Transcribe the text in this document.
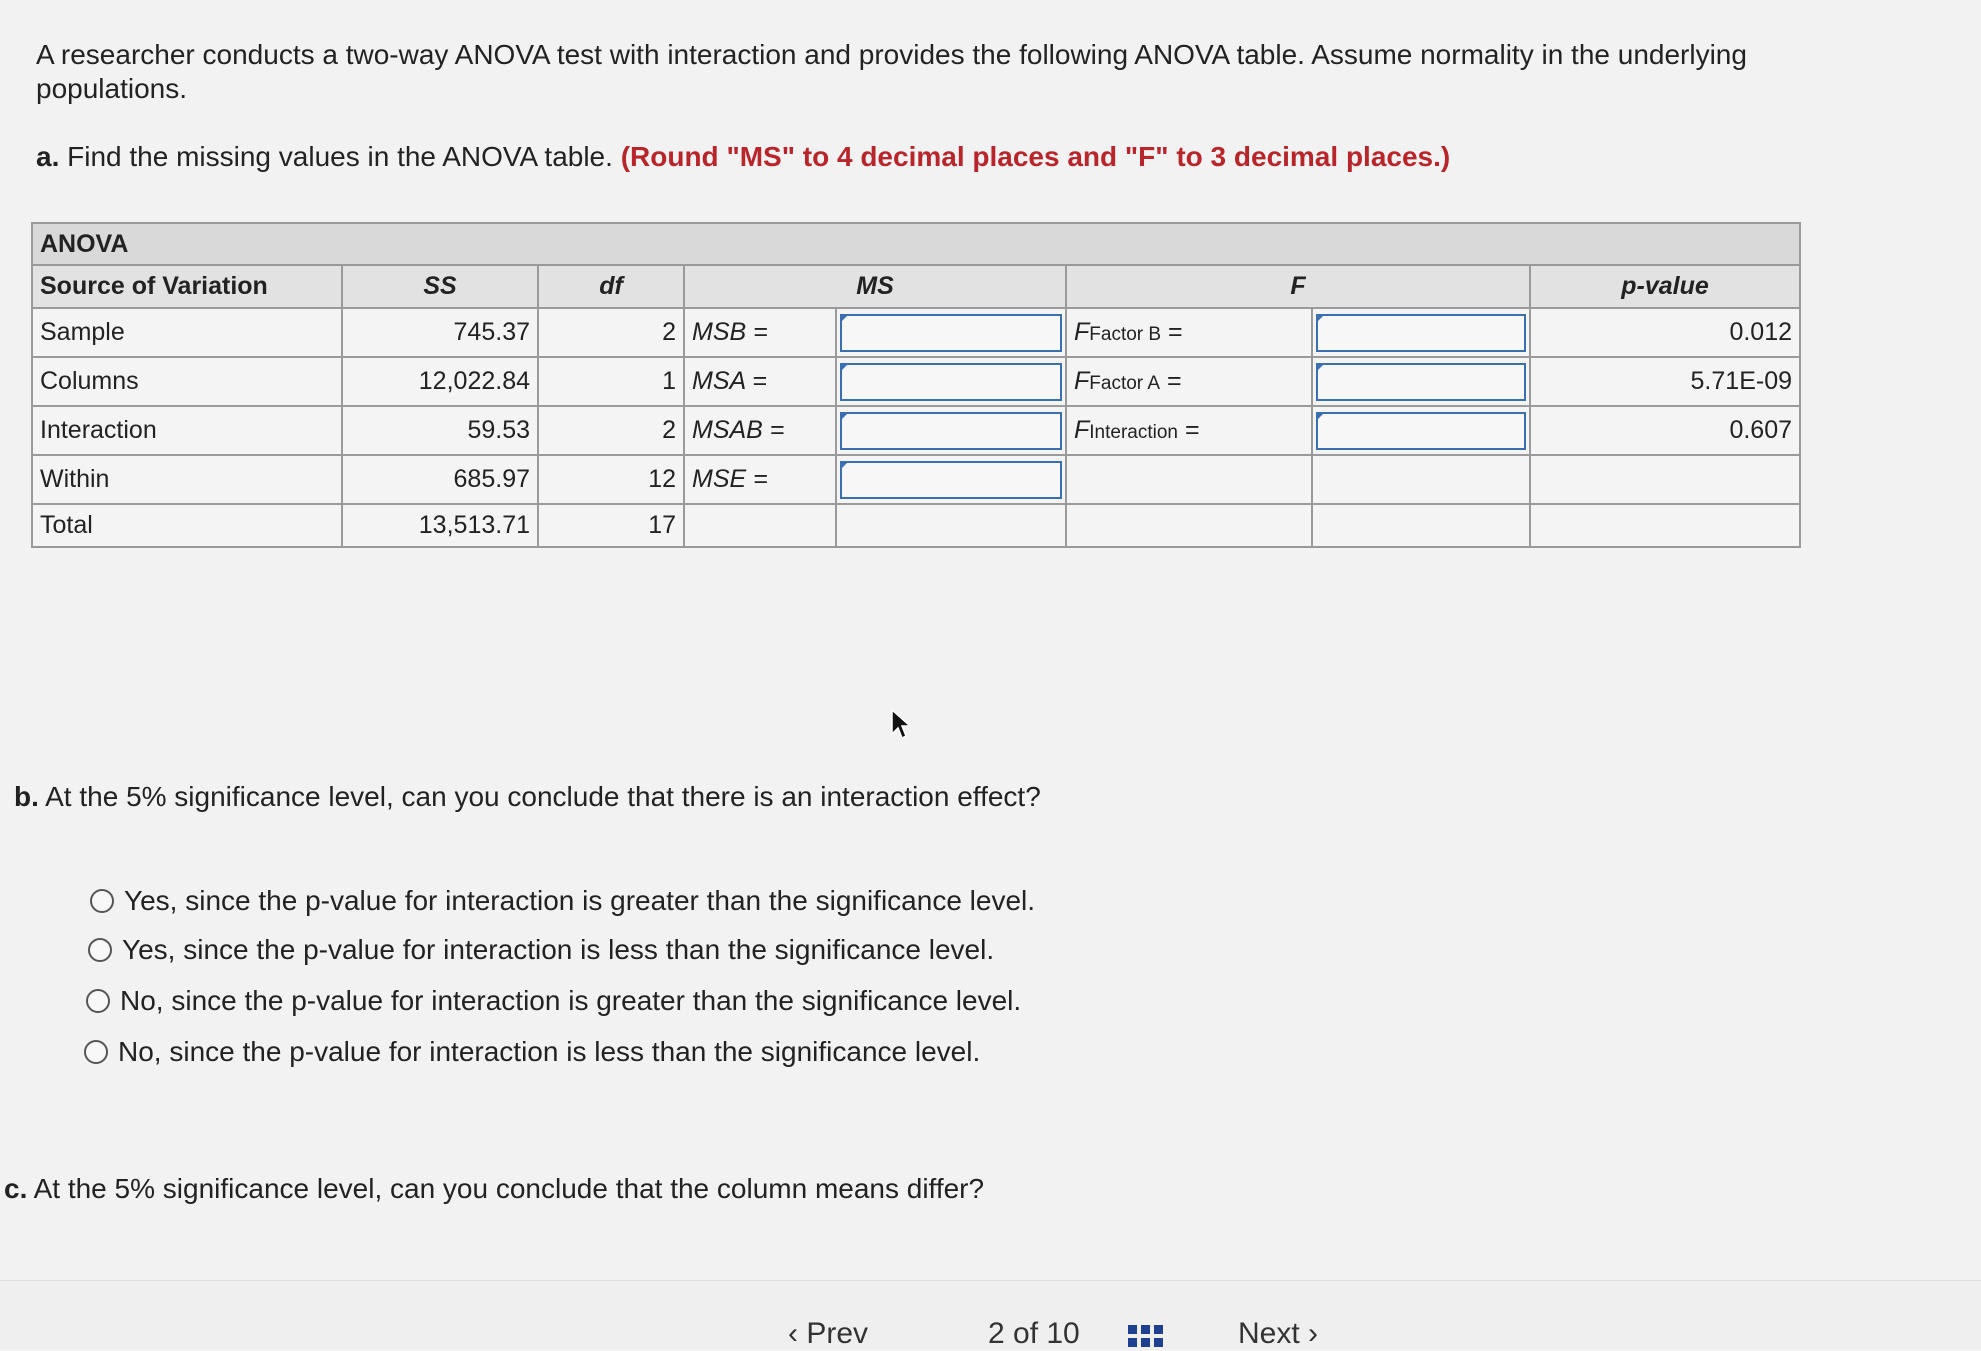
A researcher conducts a two-way ANOVA test with interaction and provides the following ANOVA table. Assume normality in the underlying populations.
a. Find the missing values in the ANOVA table. (Round "MS" to 4 decimal places and "F" to 3 decimal places.)
ANOVA							
Source of Variation	SS	df	MS		F		p-value
Sample	745.37	2	MSB =		FFactor B =		0.012
Columns	12,022.84	1	MSA =		FFactor A =		5.71E-09
Interaction	59.53	2	MSAB =		FInteraction =		0.607
Within	685.97	12	MSE =	

Total	13,513.71	17					
b. At the 5% significance level, can you conclude that there is an interaction effect?
Yes, since the p-value for interaction is greater than the significance level.
Yes, since the p-value for interaction is less than the significance level.
No, since the p-value for interaction is greater than the significance level.
No, since the p-value for interaction is less than the significance level.
c. At the 5% significance level, can you conclude that the column means differ?
‹ Prev	2 of 10	Next ›
